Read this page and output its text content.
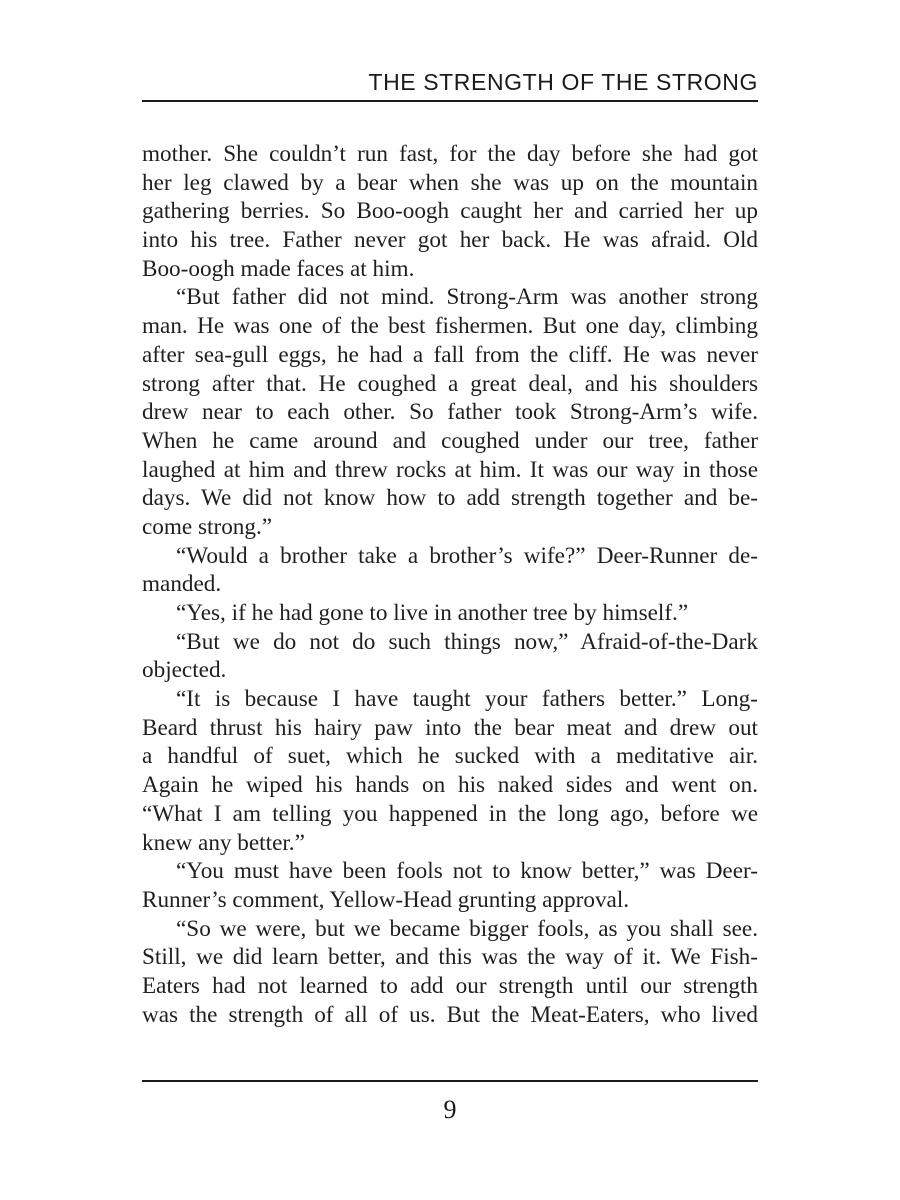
THE STRENGTH OF THE STRONG
mother. She couldn’t run fast, for the day before she had got
her leg clawed by a bear when she was up on the mountain
gathering berries. So Boo-oogh caught her and carried her up
into his tree. Father never got her back. He was afraid. Old
Boo-oogh made faces at him.
“But father did not mind. Strong-Arm was another strong
man. He was one of the best fishermen. But one day, climbing
after sea-gull eggs, he had a fall from the cliff. He was never
strong after that. He coughed a great deal, and his shoulders
drew near to each other. So father took Strong-Arm’s wife.
When he came around and coughed under our tree, father
laughed at him and threw rocks at him. It was our way in those
days. We did not know how to add strength together and be-
come strong.”
“Would a brother take a brother’s wife?” Deer-Runner de-
manded.
“Yes, if he had gone to live in another tree by himself.”
“But we do not do such things now,” Afraid-of-the-Dark
objected.
“It is because I have taught your fathers better.” Long-
Beard thrust his hairy paw into the bear meat and drew out
a handful of suet, which he sucked with a meditative air.
Again he wiped his hands on his naked sides and went on.
“What I am telling you happened in the long ago, before we
knew any better.”
“You must have been fools not to know better,” was Deer-
Runner’s comment, Yellow-Head grunting approval.
“So we were, but we became bigger fools, as you shall see.
Still, we did learn better, and this was the way of it. We Fish-
Eaters had not learned to add our strength until our strength
was the strength of all of us. But the Meat-Eaters, who lived
9
